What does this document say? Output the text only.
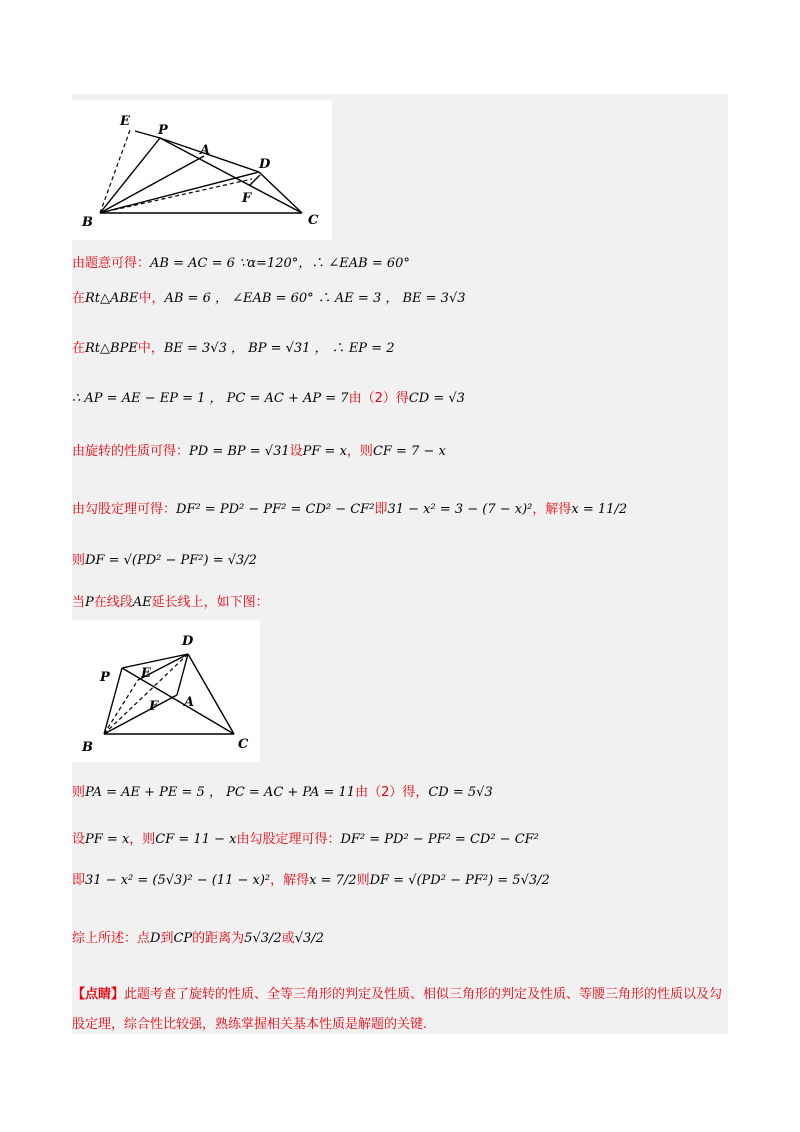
E
P
A
D
F
B	C
由题意可得：AB = AC = 6 ∵α=120°，∴ ∠EAB = 60°
在Rt△ABE中，AB = 6 ， ∠EAB = 60° ∴ AE = 3 ， BE = 3√3
在Rt△BPE中，BE = 3√3 ， BP = √31 ， ∴ EP = 2
∴ AP = AE − EP = 1 ， PC = AC + AP = 7由（2）得CD = √3
由旋转的性质可得：PD = BP = √31设PF = x，则CF = 7 − x
由勾股定理可得：DF² = PD² − PF² = CD² − CF²即31 − x² = 3 − (7 − x)²，解得x = 11/2
则DF = √(PD² − PF²) = √3/2
当P在线段AE延长线上，如下图：
D
P E
F A
B	C
则PA = AE + PE = 5 ， PC = AC + PA = 11由（2）得，CD = 5√3
设PF = x，则CF = 11 − x由勾股定理可得：DF² = PD² − PF² = CD² − CF²
即31 − x² = (5√3)² − (11 − x)²，解得x = 7/2则DF = √(PD² − PF²) = 5√3/2
综上所述：点D到CP的距离为5√3/2或√3/2
【点睛】此题考查了旋转的性质、全等三角形的判定及性质、相似三角形的判定及性质、等腰三角形的性质以及勾股定理，综合性比较强，熟练掌握相关基本性质是解题的关键.
